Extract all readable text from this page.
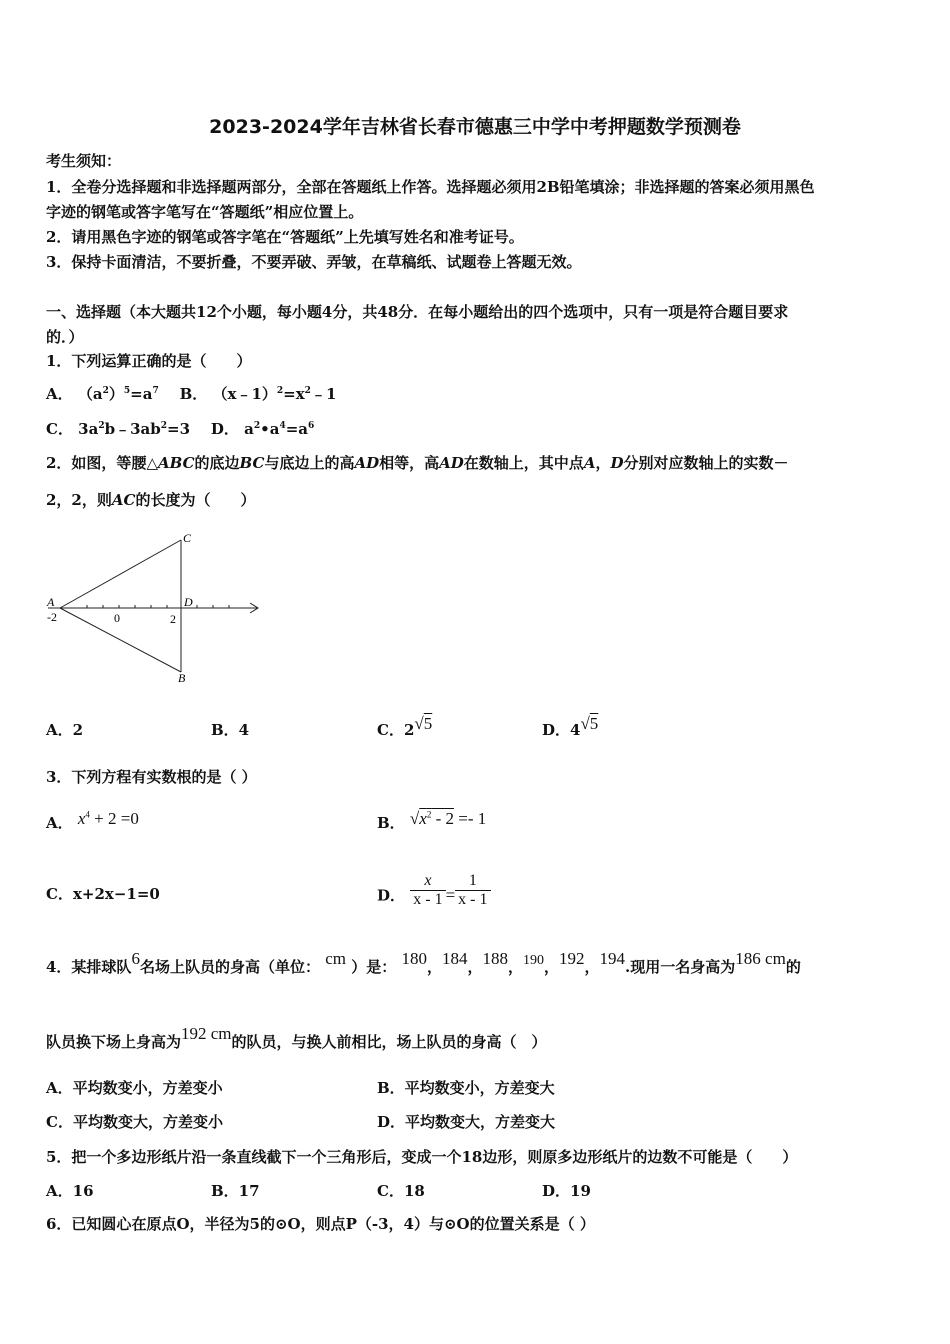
2023-2024学年吉林省长春市德惠三中学中考押题数学预测卷
考生须知：
1．全卷分选择题和非选择题两部分，全部在答题纸上作答。选择题必须用2B铅笔填涂；非选择题的答案必须用黑色
字迹的钢笔或答字笔写在“答题纸”相应位置上。
2．请用黑色字迹的钢笔或答字笔在“答题纸”上先填写姓名和准考证号。
3．保持卡面清洁，不要折叠，不要弄破、弄皱，在草稿纸、试题卷上答题无效。
一、选择题（本大题共12个小题，每小题4分，共48分．在每小题给出的四个选项中，只有一项是符合题目要求
的．）
1．下列运算正确的是（　　）
A． $(a^2)^5=a^7$ B． $(x﹣1)^2=x^2﹣1$
C． $3a^2b﹣3ab^2=3$    D． $a^2•a^4=a^6$
2．如图，等腰△ABC的底边BC与底边上的高AD相等，高AD在数轴上，其中点A，D分别对应数轴上的实数－
2，2，则AC的长度为（　　）
C
A	D
B
-2	0	2
A．2	B．4	C．2√5	D．4√5
3．下列方程有实数根的是（ ）
A． $x^4 + 2 =0$	B． $√x^2 - 2 =- 1$
C．x+2x−1=0	D． $\frac{x}{x - 1} = \frac{1}{x - 1}$
4．某排球队6名场上队员的身高（单位： cm ）是： 180，184，188，190，192，194.现用一名身高为186 cm的
队员换下场上身高为192 cm的队员，与换人前相比，场上队员的身高（　）
A．平均数变小，方差变小	B．平均数变小，方差变大
C．平均数变大，方差变小	D．平均数变大，方差变大
5．把一个多边形纸片沿一条直线截下一个三角形后，变成一个18边形，则原多边形纸片的边数不可能是（　　）
A．16	B．17	C．18	D．19
6．已知圆心在原点O，半径为5的⊙O，则点P（-3，4）与⊙O的位置关系是（ ）
